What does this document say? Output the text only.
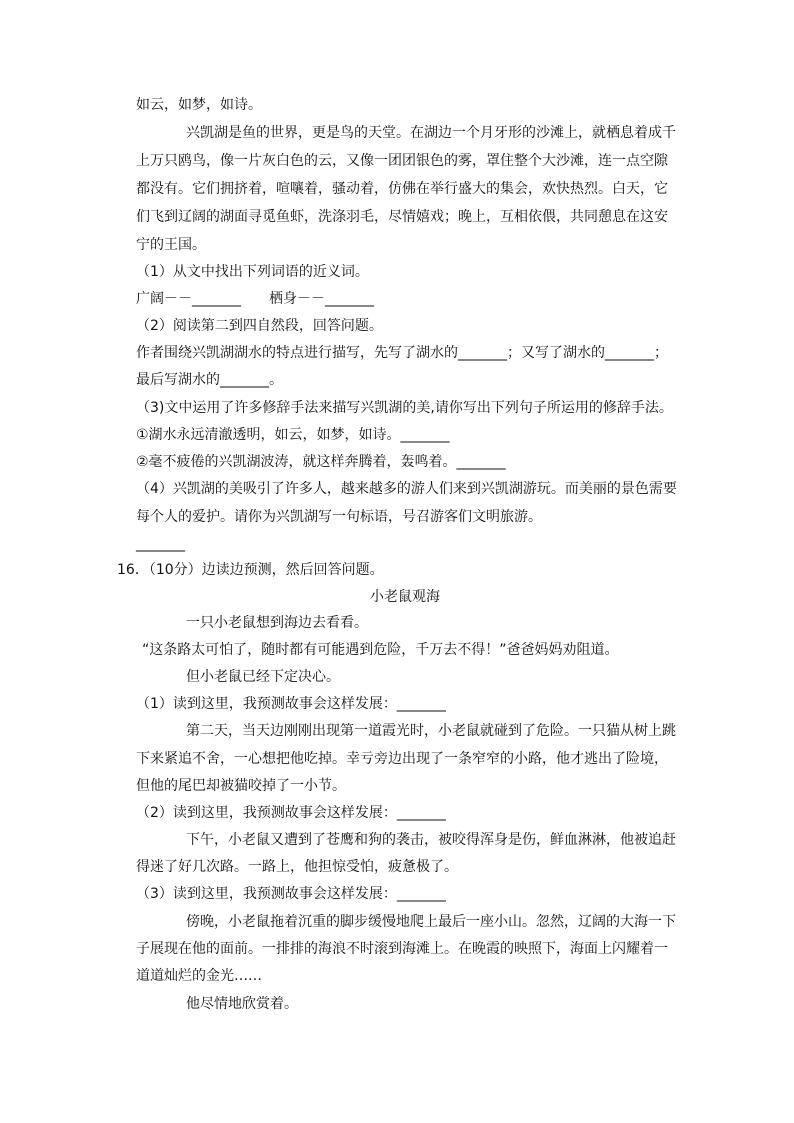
如云，如梦，如诗。

兴凯湖是鱼的世界，更是鸟的天堂。在湖边一个月牙形的沙滩上，就栖息着成千

上万只鸥鸟，像一片灰白色的云，又像一团团银色的雾，罩住整个大沙滩，连一点空隙

都没有。它们拥挤着，喧嚷着，骚动着，仿佛在举行盛大的集会，欢快热烈。白天，它

们飞到辽阔的湖面寻觅鱼虾，洗涤羽毛，尽情嬉戏；晚上，互相依偎，共同憩息在这安

宁的王国。

（1）从文中找出下列词语的近义词。

广阔－－_______　　栖身－－_______

（2）阅读第二到四自然段，回答问题。

作者围绕兴凯湖湖水的特点进行描写，先写了湖水的_______；又写了湖水的_______；

最后写湖水的_______。

（3)文中运用了许多修辞手法来描写兴凯湖的美,请你写出下列句子所运用的修辞手法。

①湖水永远清澈透明，如云，如梦，如诗。_______

②毫不疲倦的兴凯湖波涛，就这样奔腾着，轰鸣着。_______

（4）兴凯湖的美吸引了许多人，越来越多的游人们来到兴凯湖游玩。而美丽的景色需要

每个人的爱护。请你为兴凯湖写一句标语，号召游客们文明旅游。

_______

16．（10分）边读边预测，然后回答问题。

小老鼠观海

一只小老鼠想到海边去看看。

“这条路太可怕了，随时都有可能遇到危险，千万去不得！”爸爸妈妈劝阻道。

但小老鼠已经下定决心。

（1）读到这里，我预测故事会这样发展：_______

第二天，当天边刚刚出现第一道霞光时，小老鼠就碰到了危险。一只猫从树上跳

下来紧追不舍，一心想把他吃掉。幸亏旁边出现了一条窄窄的小路，他才逃出了险境，

但他的尾巴却被猫咬掉了一小节。

（2）读到这里，我预测故事会这样发展：_______

下午，小老鼠又遭到了苍鹰和狗的袭击，被咬得浑身是伤，鲜血淋淋，他被追赶

得迷了好几次路。一路上，他担惊受怕，疲惫极了。

（3）读到这里，我预测故事会这样发展：_______

傍晚，小老鼠拖着沉重的脚步缓慢地爬上最后一座小山。忽然，辽阔的大海一下

子展现在他的面前。一排排的海浪不时滚到海滩上。在晚霞的映照下，海面上闪耀着一

道道灿烂的金光……

他尽情地欣赏着。
